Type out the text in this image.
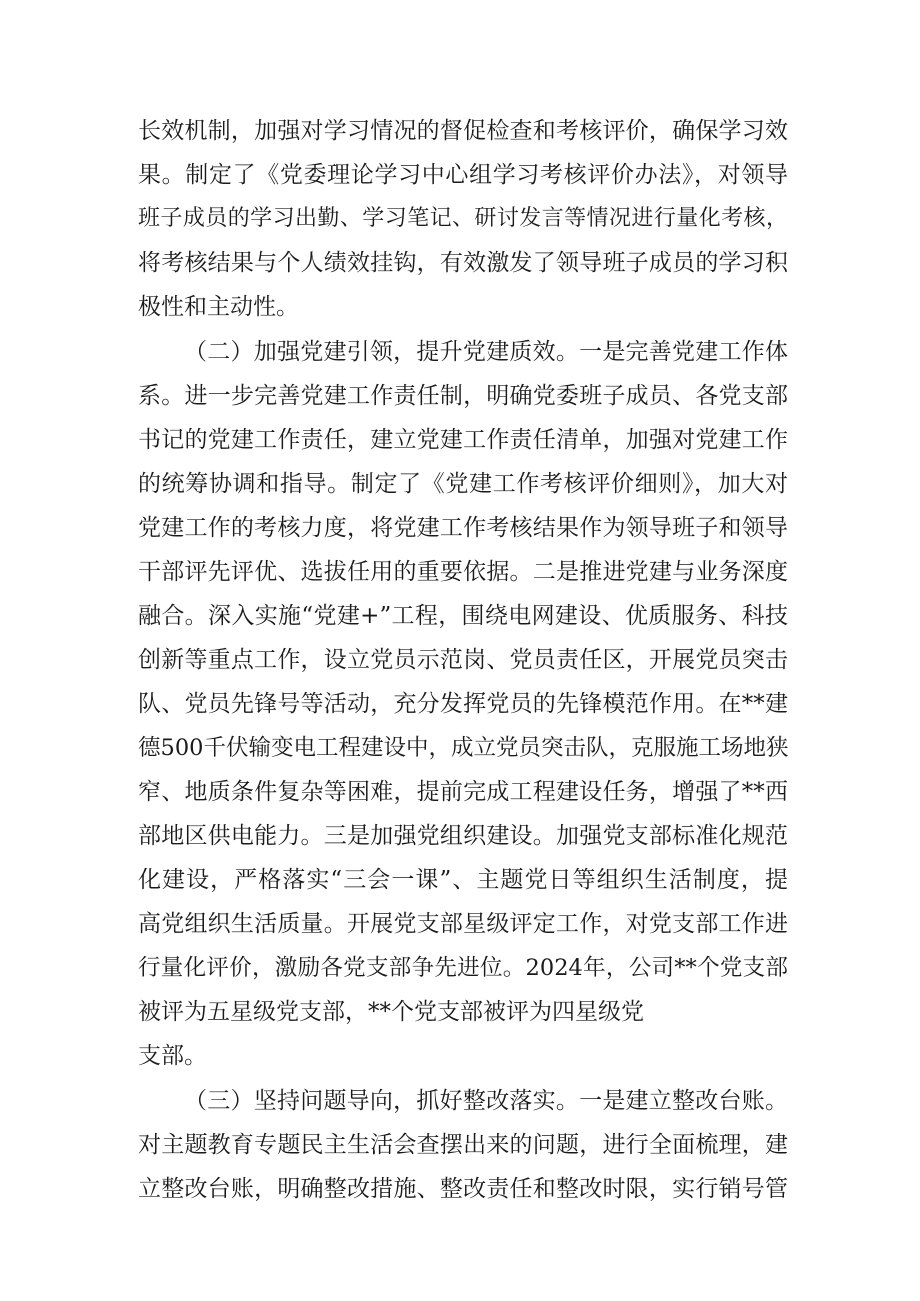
长效机制，加强对学习情况的督促检查和考核评价，确保学习效
果。制定了《党委理论学习中心组学习考核评价办法》，对领导
班子成员的学习出勤、学习笔记、研讨发言等情况进行量化考核，
将考核结果与个人绩效挂钩，有效激发了领导班子成员的学习积
极性和主动性。
（二）加强党建引领，提升党建质效。一是完善党建工作体
系。进一步完善党建工作责任制，明确党委班子成员、各党支部
书记的党建工作责任，建立党建工作责任清单，加强对党建工作
的统筹协调和指导。制定了《党建工作考核评价细则》，加大对
党建工作的考核力度，将党建工作考核结果作为领导班子和领导
干部评先评优、选拔任用的重要依据。二是推进党建与业务深度
融合。深入实施“党建+”工程，围绕电网建设、优质服务、科技
创新等重点工作，设立党员示范岗、党员责任区，开展党员突击
队、党员先锋号等活动，充分发挥党员的先锋模范作用。在**建
德500千伏输变电工程建设中，成立党员突击队，克服施工场地狭
窄、地质条件复杂等困难，提前完成工程建设任务，增强了**西
部地区供电能力。三是加强党组织建设。加强党支部标准化规范
化建设，严格落实“三会一课”、主题党日等组织生活制度，提
高党组织生活质量。开展党支部星级评定工作，对党支部工作进
行量化评价，激励各党支部争先进位。2024年，公司**个党支部
被评为五星级党支部，**个党支部被评为四星级党
支部。
（三）坚持问题导向，抓好整改落实。一是建立整改台账。
对主题教育专题民主生活会查摆出来的问题，进行全面梳理，建
立整改台账，明确整改措施、整改责任和整改时限，实行销号管
